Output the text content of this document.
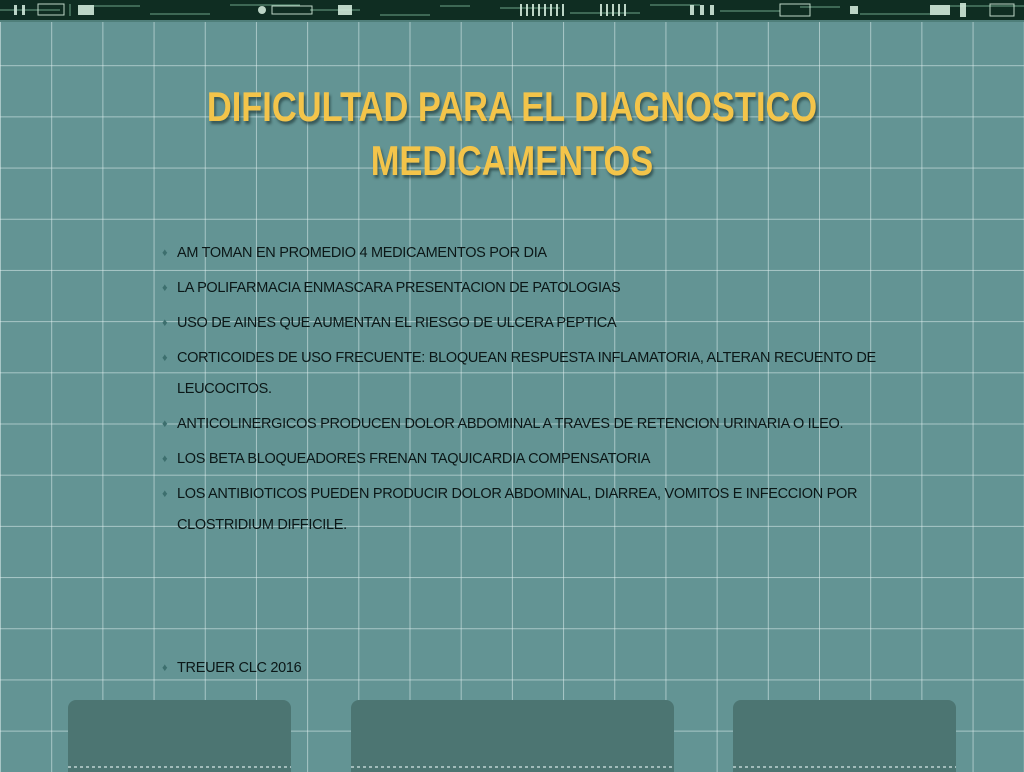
DIFICULTAD PARA EL DIAGNOSTICO
MEDICAMENTOS
♦ AM TOMAN EN PROMEDIO 4 MEDICAMENTOS POR DIA
♦ LA POLIFARMACIA ENMASCARA PRESENTACION DE PATOLOGIAS
♦ USO DE AINES QUE AUMENTAN EL RIESGO DE ULCERA PEPTICA
♦ CORTICOIDES DE USO FRECUENTE: BLOQUEAN RESPUESTA INFLAMATORIA, ALTERAN RECUENTO DE LEUCOCITOS.
♦ ANTICOLINERGICOS PRODUCEN DOLOR ABDOMINAL A TRAVES DE RETENCION URINARIA O ILEO.
♦ LOS BETA BLOQUEADORES FRENAN TAQUICARDIA COMPENSATORIA
♦ LOS ANTIBIOTICOS PUEDEN PRODUCIR DOLOR ABDOMINAL, DIARREA, VOMITOS E INFECCION POR CLOSTRIDIUM DIFFICILE.
♦ TREUER CLC 2016
